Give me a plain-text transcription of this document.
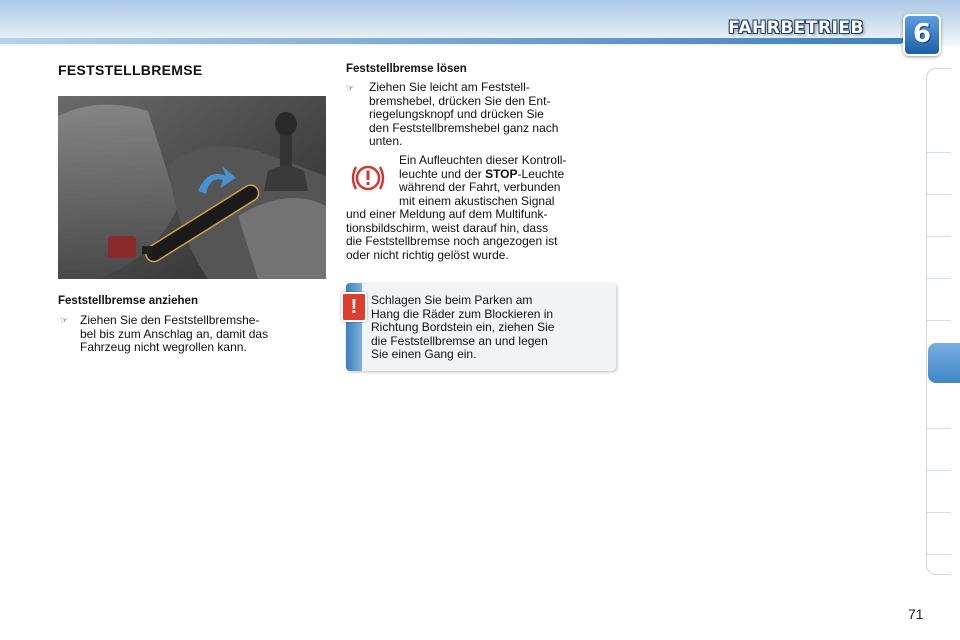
FAHRBETRIEB	6
FESTSTELLBREMSE
Feststellbremse anziehen
☞ Ziehen Sie den Feststellbremshe-
bel bis zum Anschlag an, damit das
Fahrzeug nicht wegrollen kann.
Feststellbremse lösen
☞ Ziehen Sie leicht am Feststell-
bremshebel, drücken Sie den Ent-
riegelungsknopf und drücken Sie
den Feststellbremshebel ganz nach
unten.
Ein Aufleuchten dieser Kontroll-
leuchte und der STOP-Leuchte
während der Fahrt, verbunden
mit einem akustischen Signal
und einer Meldung auf dem Multifunk-
tionsbildschirm, weist darauf hin, dass
die Feststellbremse noch angezogen ist
oder nicht richtig gelöst wurde.
!	Schlagen Sie beim Parken am
Hang die Räder zum Blockieren in
Richtung Bordstein ein, ziehen Sie
die Feststellbremse an und legen
Sie einen Gang ein.
71
